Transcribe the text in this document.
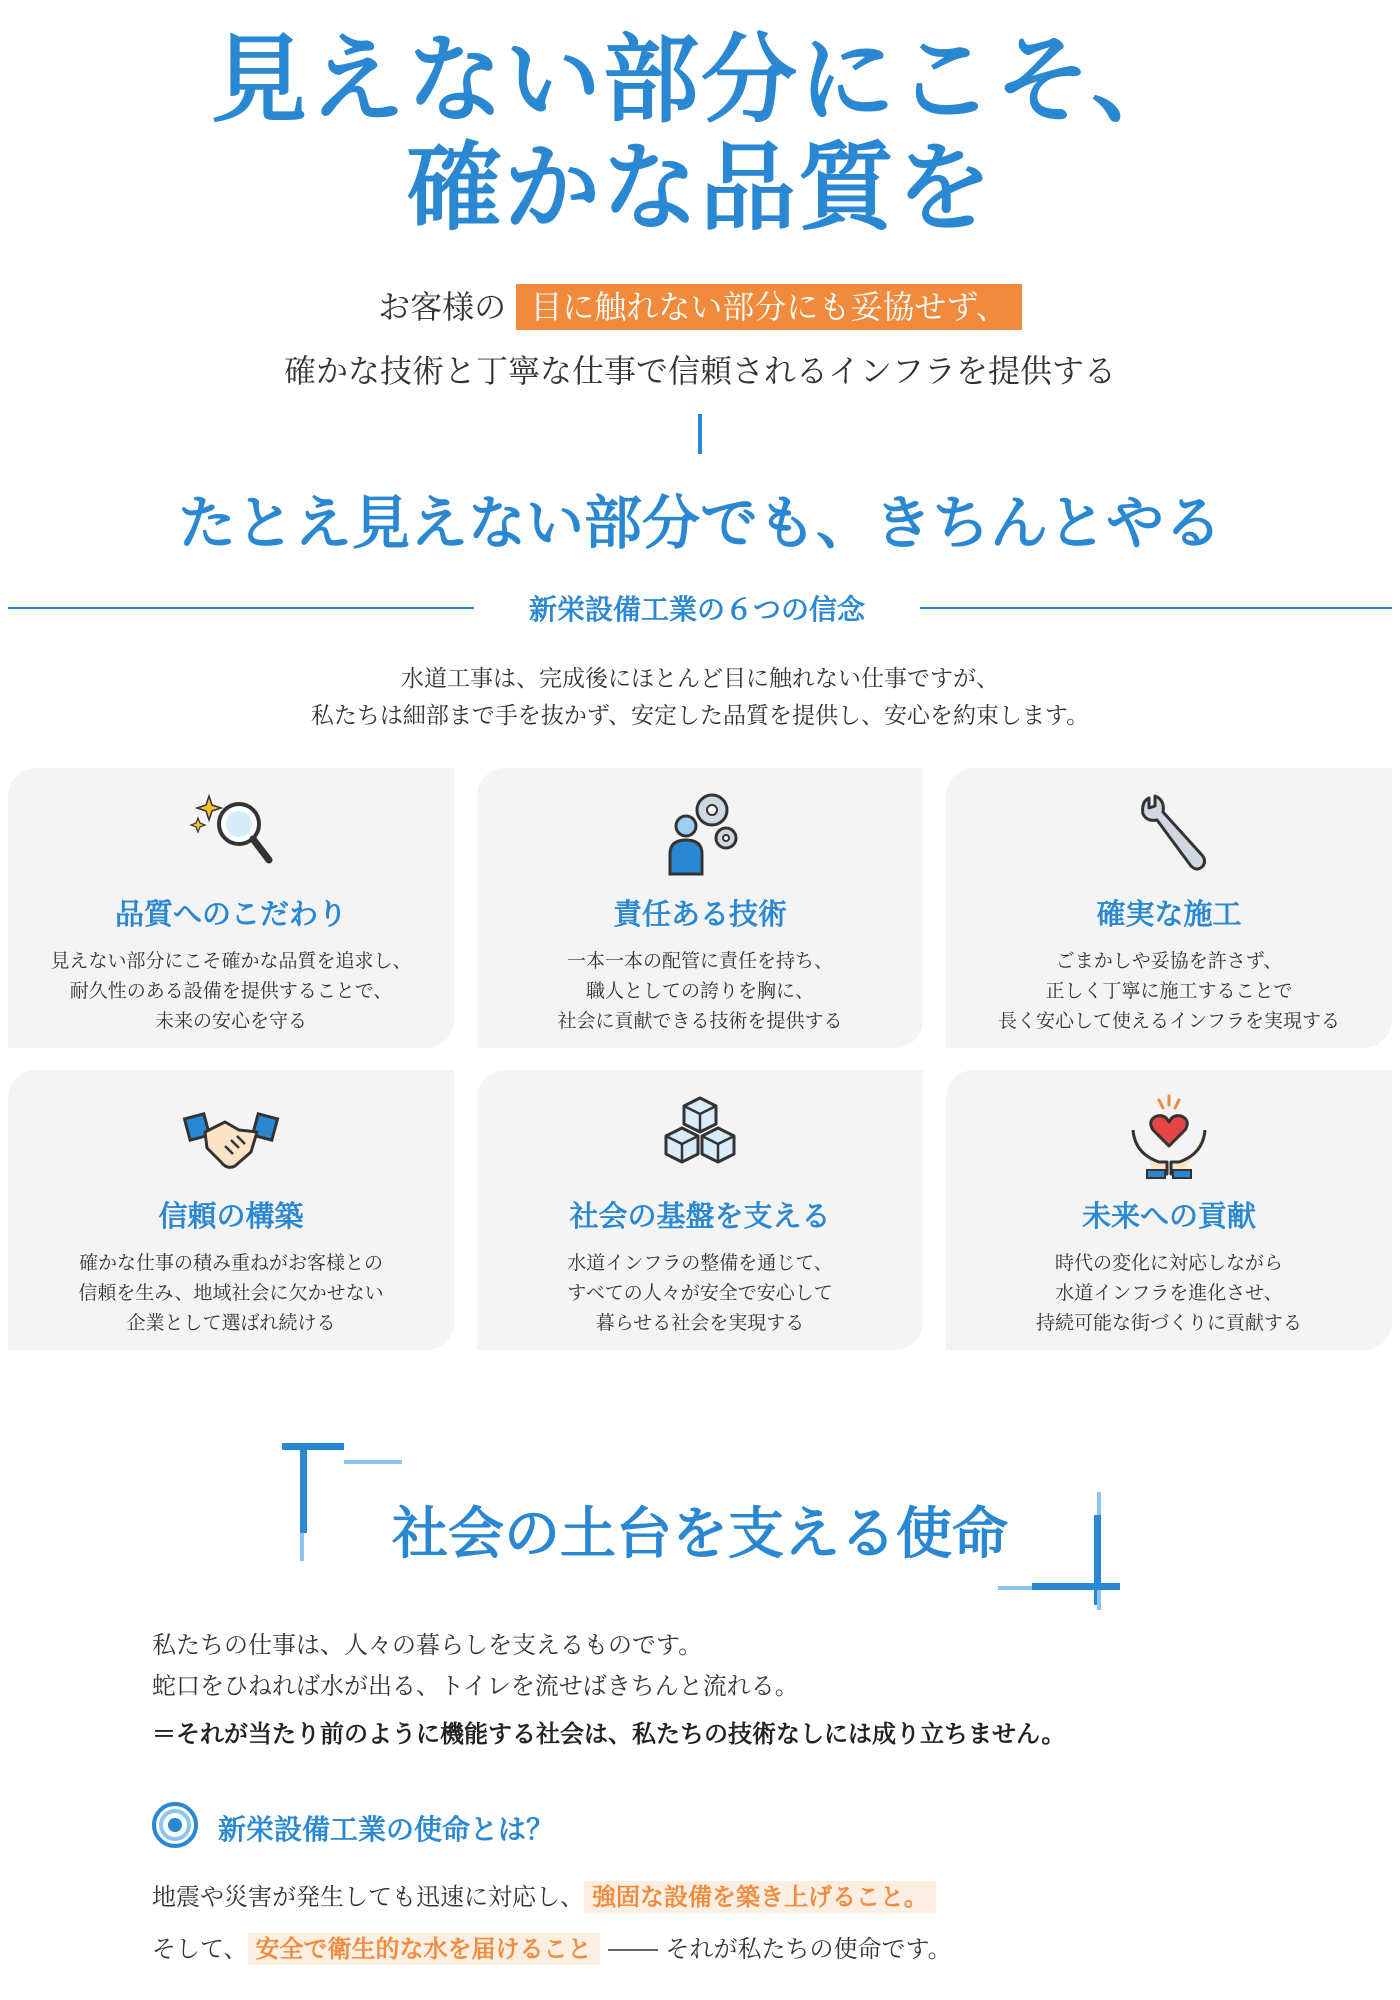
見えない部分にこそ、
確かな品質を
お客様の 目に触れない部分にも妥協せず、
確かな技術と丁寧な仕事で信頼されるインフラを提供する
たとえ見えない部分でも、きちんとやる
新栄設備工業の６つの信念
水道工事は、完成後にほとんど目に触れない仕事ですが、
私たちは細部まで手を抜かず、安定した品質を提供し、安心を約束します。
品質へのこだわり
見えない部分にこそ確かな品質を追求し、
耐久性のある設備を提供することで、
未来の安心を守る
責任ある技術
一本一本の配管に責任を持ち、
職人としての誇りを胸に、
社会に貢献できる技術を提供する
確実な施工
ごまかしや妥協を許さず、
正しく丁寧に施工することで
長く安心して使えるインフラを実現する
信頼の構築
確かな仕事の積み重ねがお客様との
信頼を生み、地域社会に欠かせない
企業として選ばれ続ける
社会の基盤を支える
水道インフラの整備を通じて、
すべての人々が安全で安心して
暮らせる社会を実現する
未来への貢献
時代の変化に対応しながら
水道インフラを進化させ、
持続可能な街づくりに貢献する
社会の土台を支える使命
私たちの仕事は、人々の暮らしを支えるものです。
蛇口をひねれば水が出る、トイレを流せばきちんと流れる。
＝それが当たり前のように機能する社会は、私たちの技術なしには成り立ちません。
新栄設備工業の使命とは？
地震や災害が発生しても迅速に対応し、 強固な設備を築き上げること。
そして、 安全で衛生的な水を届けること	それが私たちの使命です。
